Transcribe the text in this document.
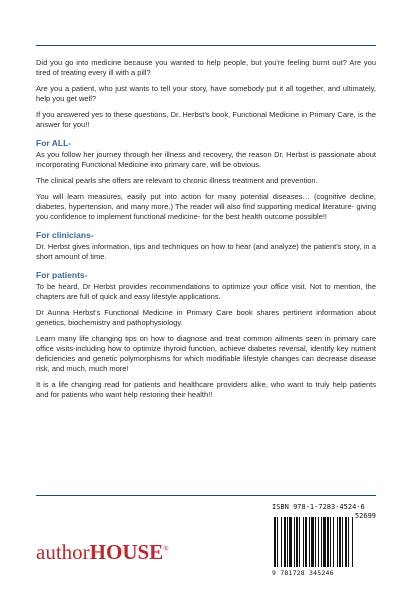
Did you go into medicine because you wanted to help people, but you're feeling burnt out? Are you tired of treating every ill with a pill?

Are you a patient, who just wants to tell your story, have somebody put it all together, and ultimately, help you get well?

If you answered yes to these questions, Dr. Herbst's book, Functional Medicine in Primary Care, is the answer for you!!

For ALL-

As you follow her journey through her illness and recovery, the reason Dr. Herbst is passionate about incorporating Functional Medicine into primary care, will be obvious.

The clinical pearls she offers are relevant to chronic illness treatment and prevention.

You will learn measures, easily put into action for many potential diseases… (cognitive decline, diabetes, hypertension, and many more.) The reader will also find supporting medical literature- giving you confidence to implement functional medicine- for the best health outcome possible!!

For clinicians-

Dr. Herbst gives information, tips and techniques on how to hear (and analyze) the patient's story, in a short amount of time.

For patients-

To be heard, Dr Herbst provides recommendations to optimize your office visit. Not to mention, the chapters are full of quick and easy lifestyle applications.

Dr Aunna Herbst's Functional Medicine in Primary Care book shares pertinent information about genetics, biochemistry and pathophysiology.

Learn many life changing tips on how to diagnose and treat common ailments seen in primary care office visits-including how to optimize thyroid function, achieve diabetes reversal, identify key nutrient deficiencies and genetic polymorphisms for which modifiable lifestyle changes can decrease disease risk, and much, much more!

It is a life changing read for patients and healthcare providers alike, who want to truly help patients and for patients who want help restoring their health!!

authorHOUSE®
ISBN 978-1-7283-4524-6
52699
9 781728 345246
